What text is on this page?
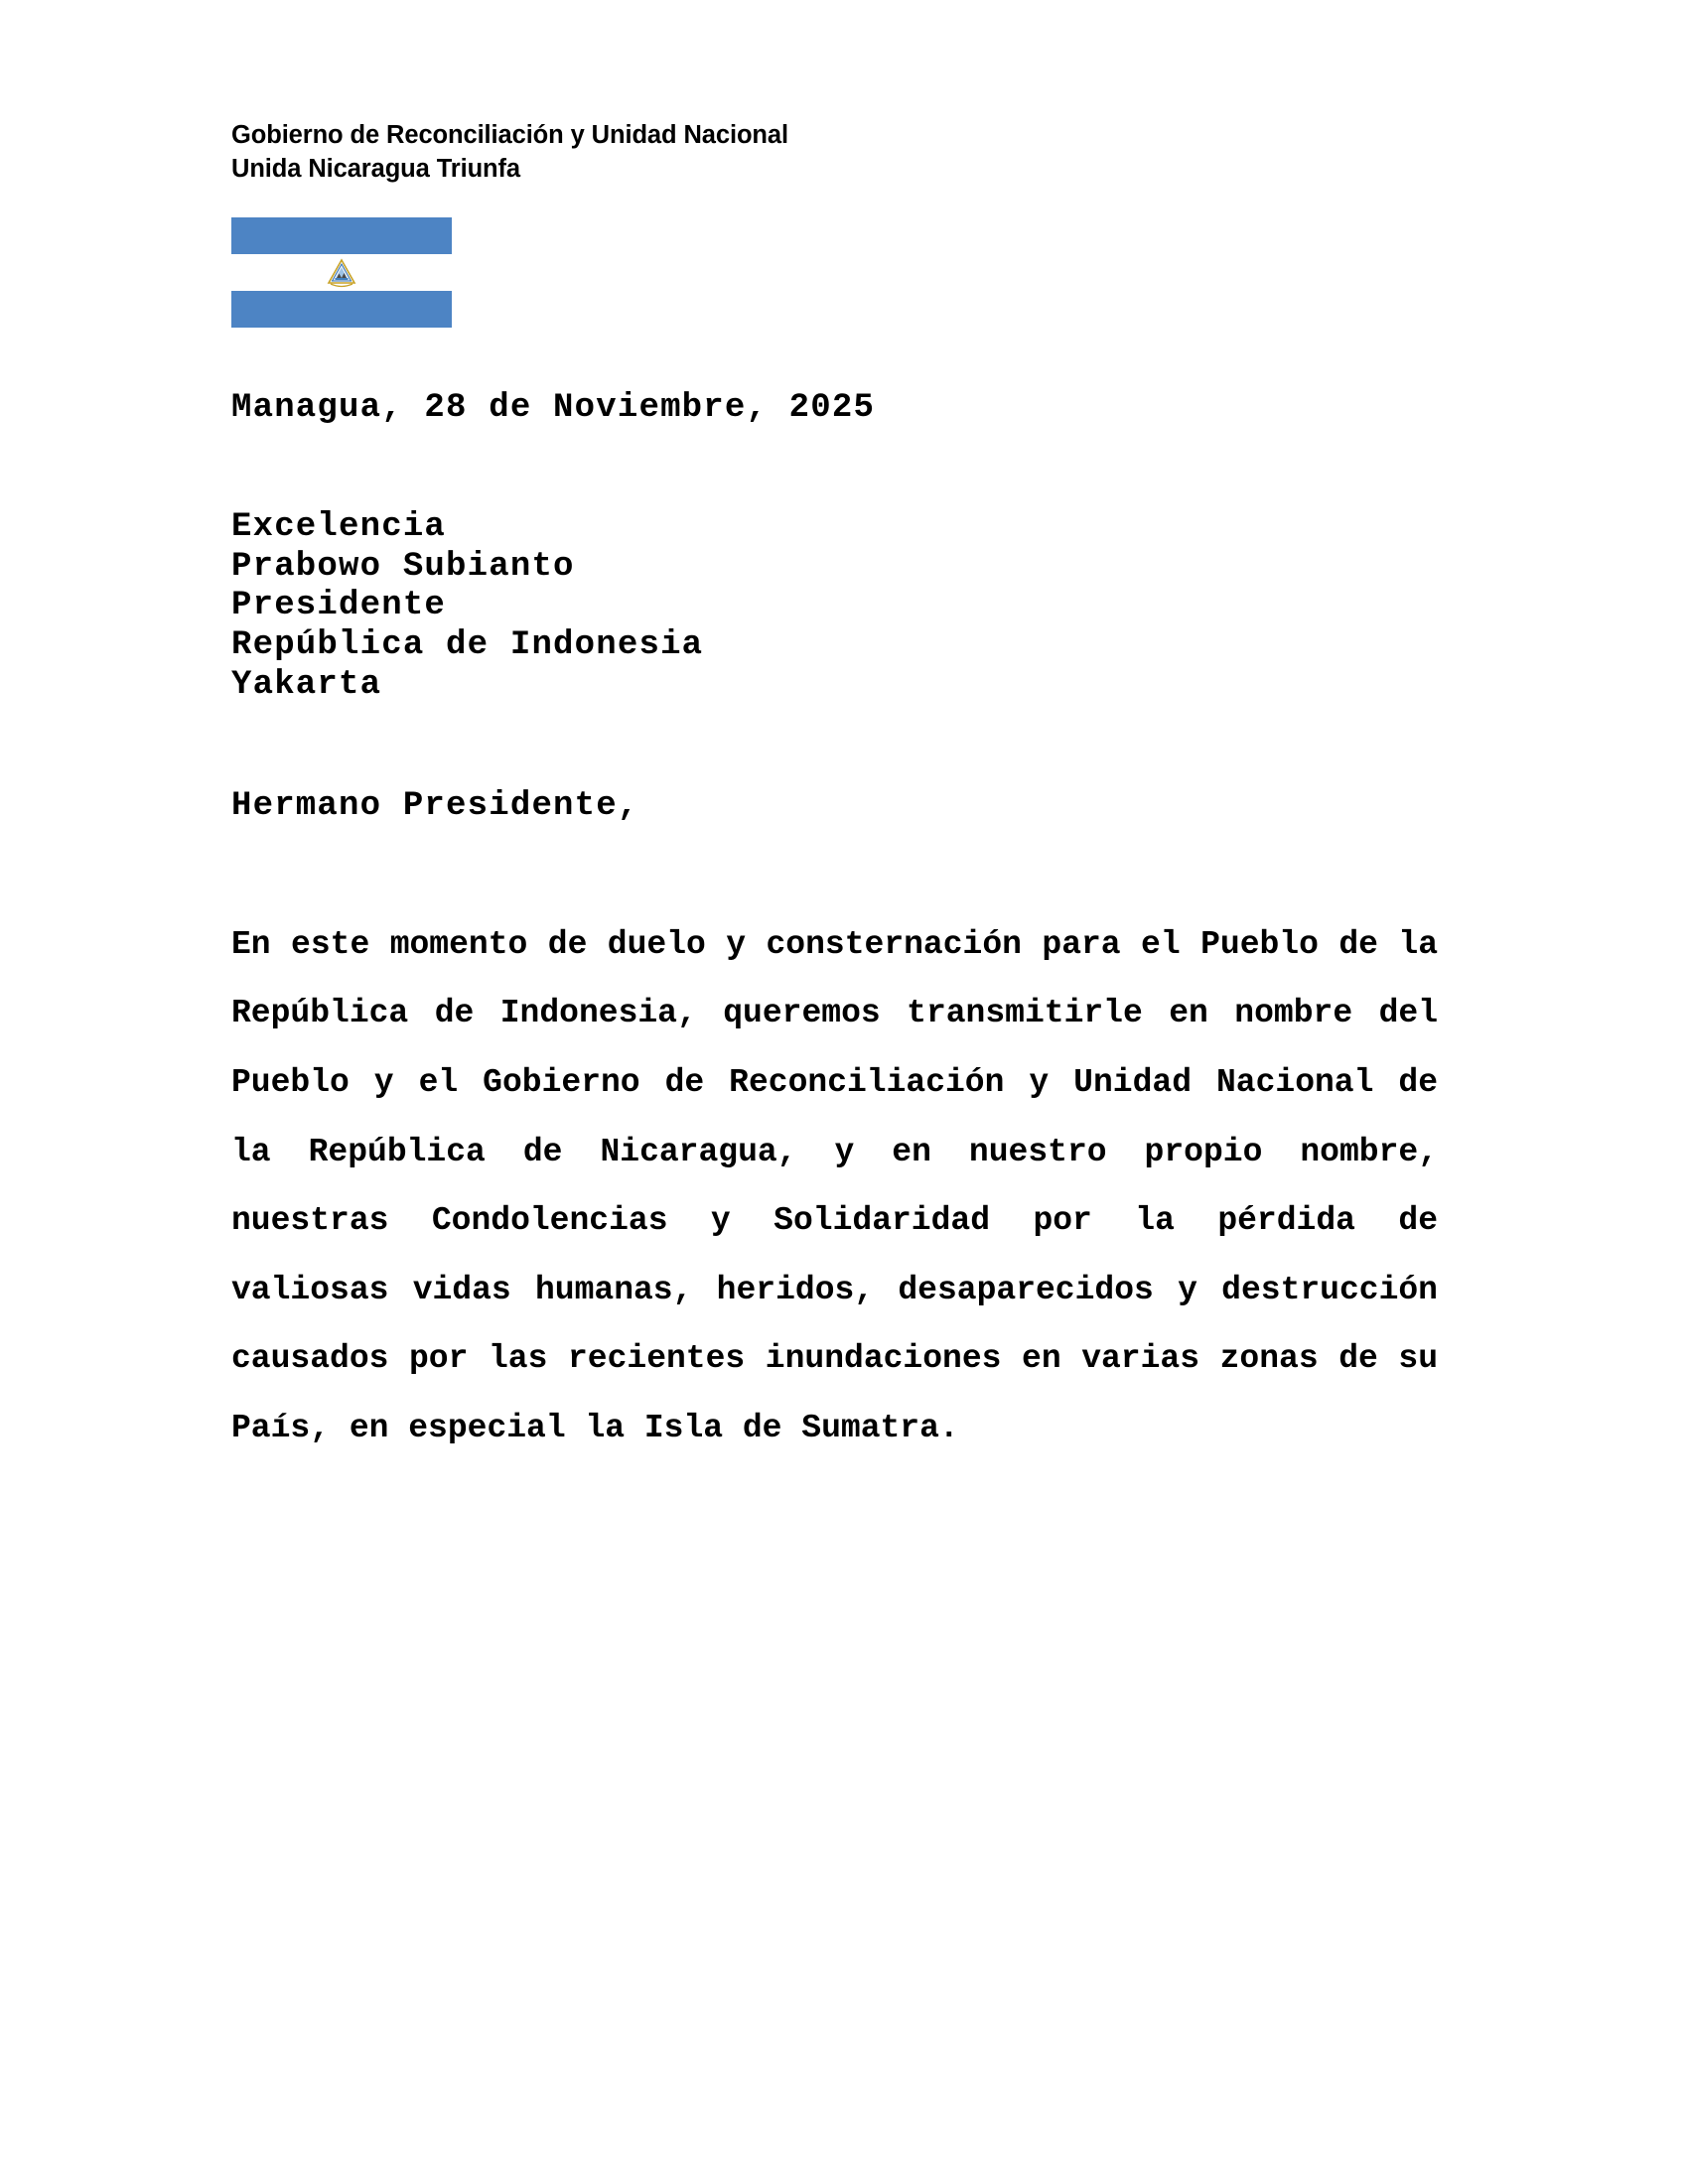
Gobierno de Reconciliación y Unidad Nacional
Unida Nicaragua Triunfa
Managua, 28 de Noviembre, 2025
Excelencia
Prabowo Subianto
Presidente
República de Indonesia
Yakarta
Hermano Presidente,
En este momento de duelo y consternación para el Pueblo de la República de Indonesia, queremos transmitirle en nombre del Pueblo y el Gobierno de Reconciliación y Unidad Nacional de la República de Nicaragua, y en nuestro propio nombre, nuestras Condolencias y Solidaridad por la pérdida de valiosas vidas humanas, heridos, desaparecidos y destrucción causados por las recientes inundaciones en varias zonas de su País, en especial la Isla de Sumatra.
